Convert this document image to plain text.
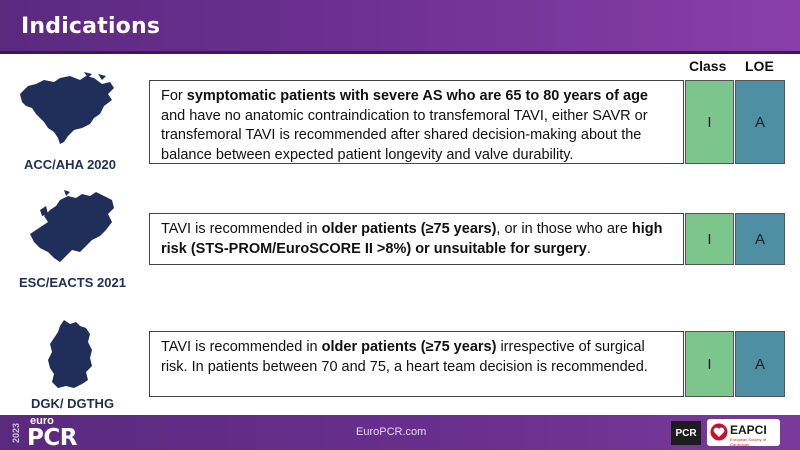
Indications
Class LOE
ACC/AHA 2020
For symptomatic patients with severe AS who are 65 to 80 years of age and have no anatomic contraindication to transfemoral TAVI, either SAVR or transfemoral TAVI is recommended after shared decision-making about the balance between expected patient longevity and valve durability.
I	A
ESC/EACTS 2021
TAVI is recommended in older patients (≥75 years), or in those who are high risk (STS-PROM/EuroSCORE II >8%) or unsuitable for surgery.
I	A
DGK/ DGTHG
TAVI is recommended in older patients (≥75 years) irrespective of surgical risk. In patients between 70 and 75, a heart team decision is recommended.	I	A
2023
euro
PCR	EuroPCR.com	PCR	EAPCI
European Society of Cardiology
